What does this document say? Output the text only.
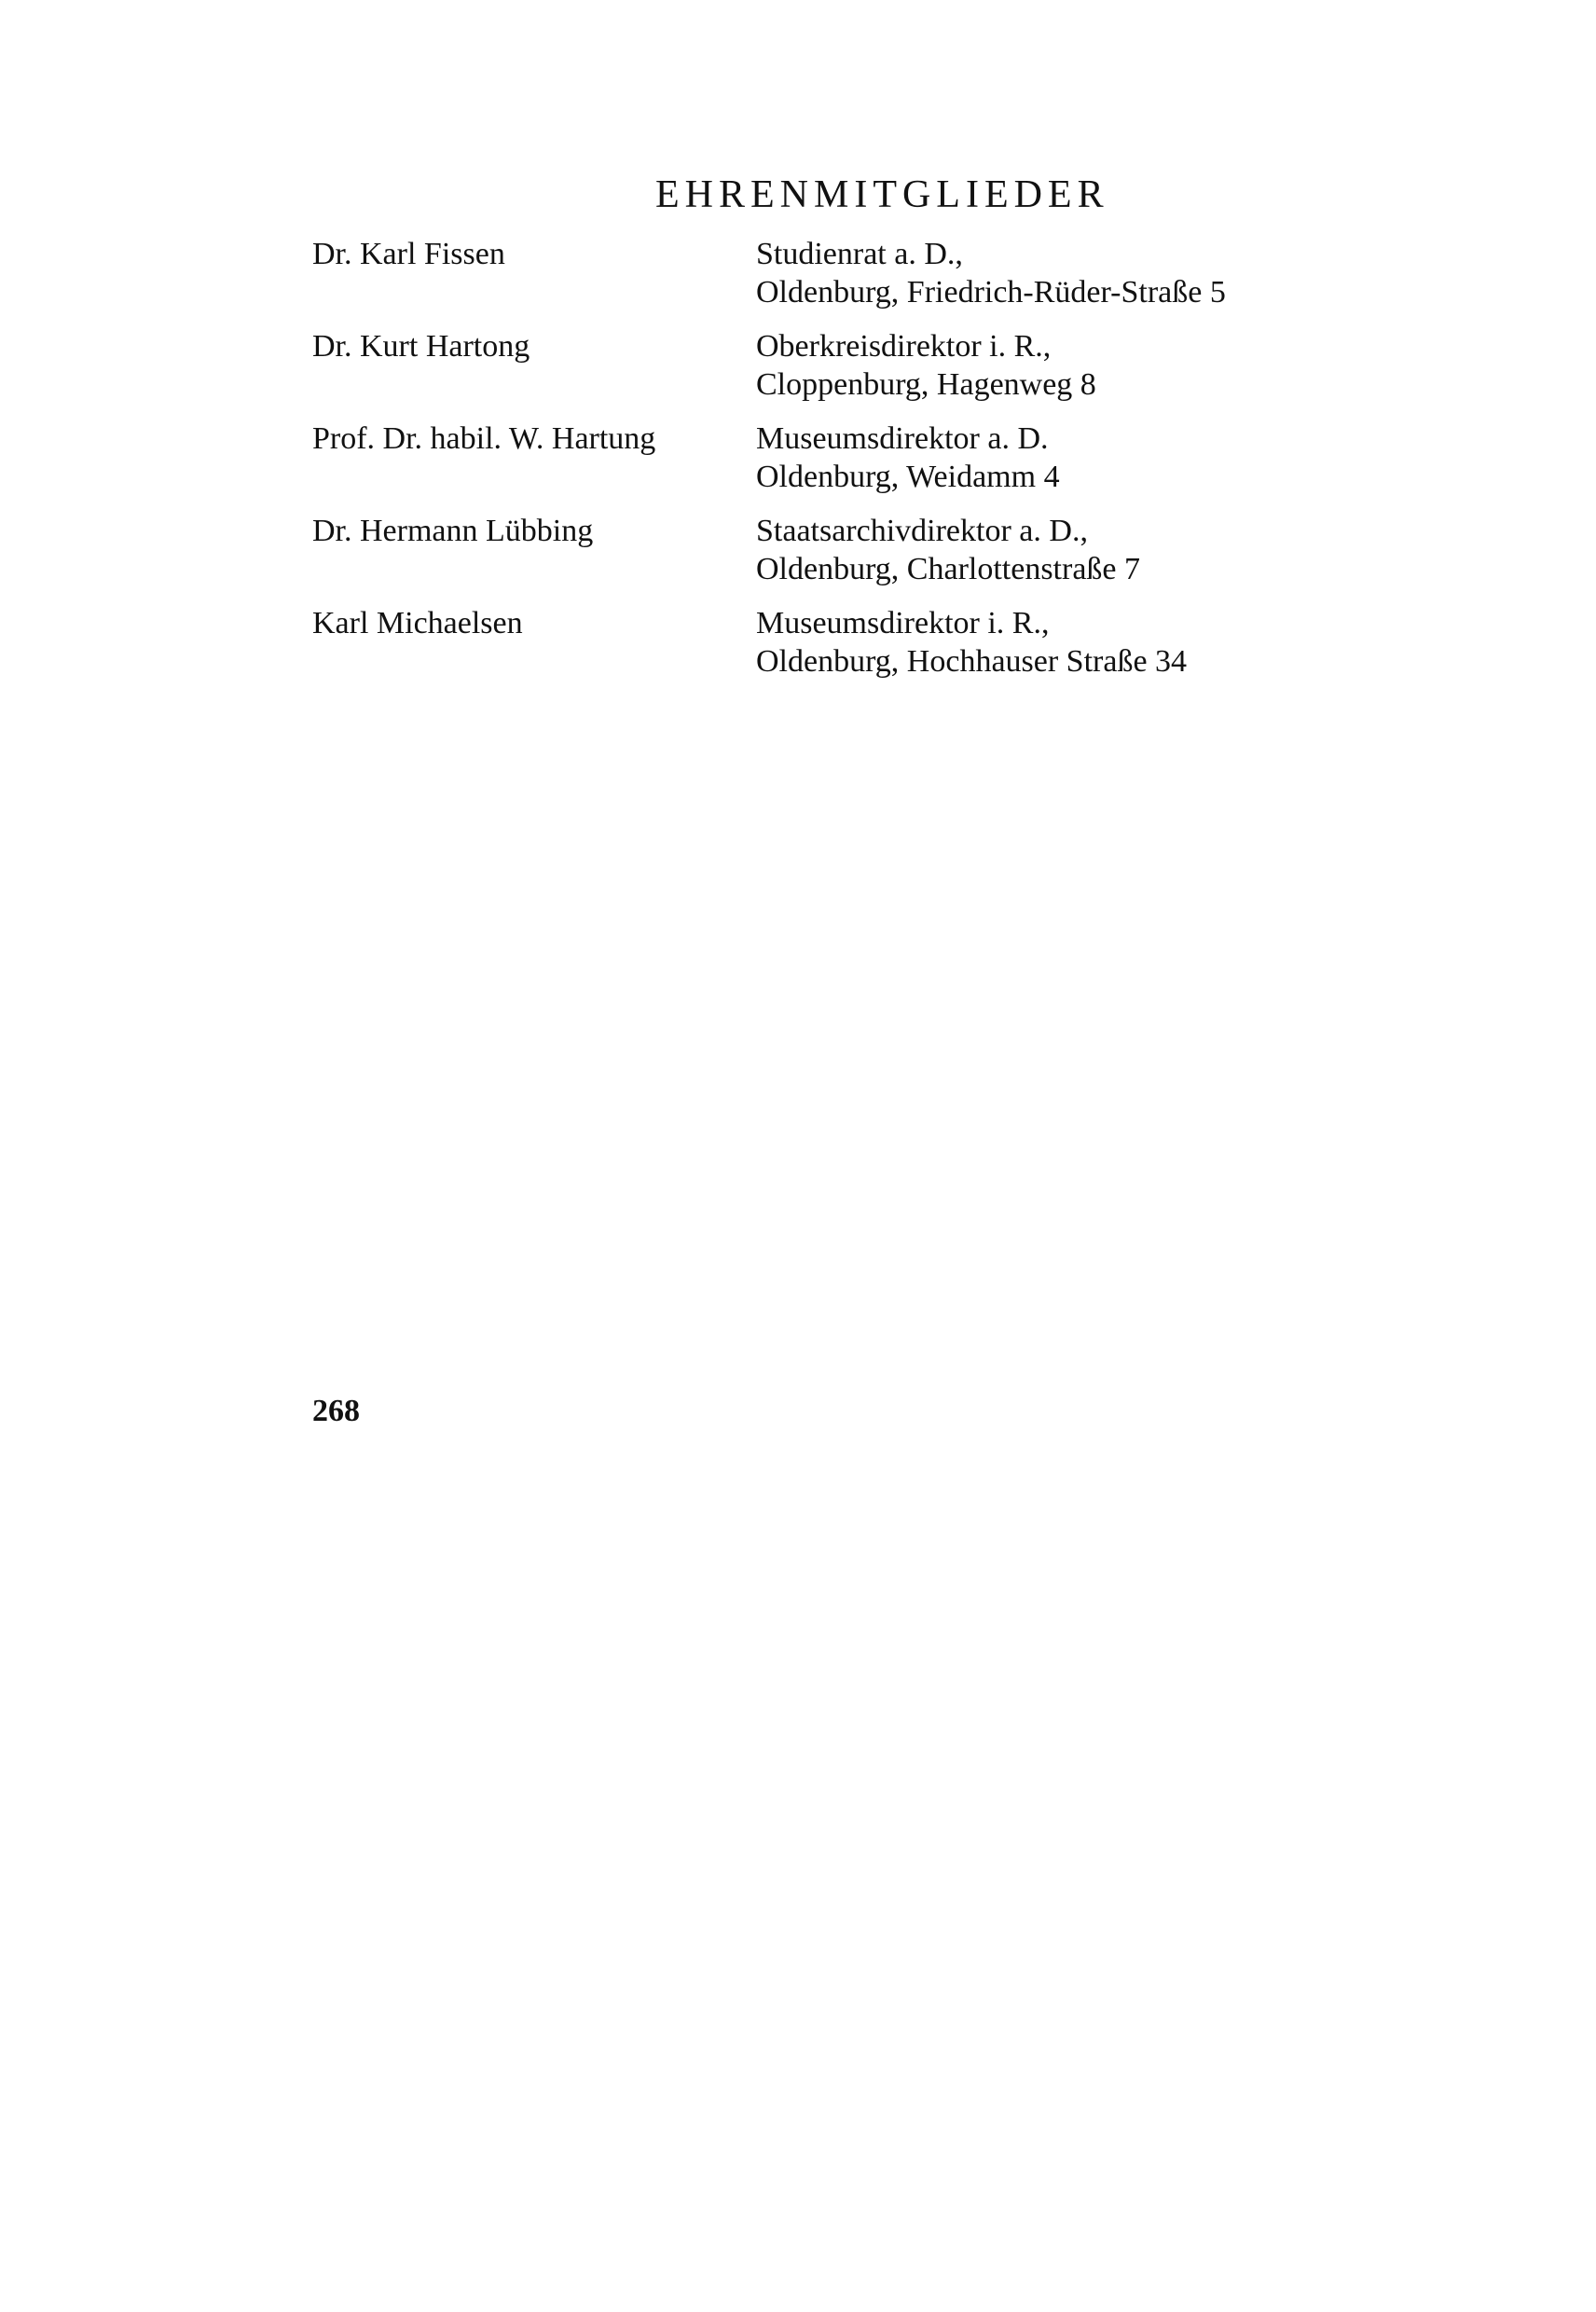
EHRENMITGLIEDER
Dr. Karl Fissen	Studienrat a. D.,
Oldenburg, Friedrich-Rüder-Straße 5
Dr. Kurt Hartong	Oberkreisdirektor i. R.,
Cloppenburg, Hagenweg 8
Prof. Dr. habil. W. Hartung	Museumsdirektor a. D.
Oldenburg, Weidamm 4
Dr. Hermann Lübbing	Staatsarchivdirektor a. D.,
Oldenburg, Charlottenstraße 7
Karl Michaelsen	Museumsdirektor i. R.,
Oldenburg, Hochhauser Straße 34
268
